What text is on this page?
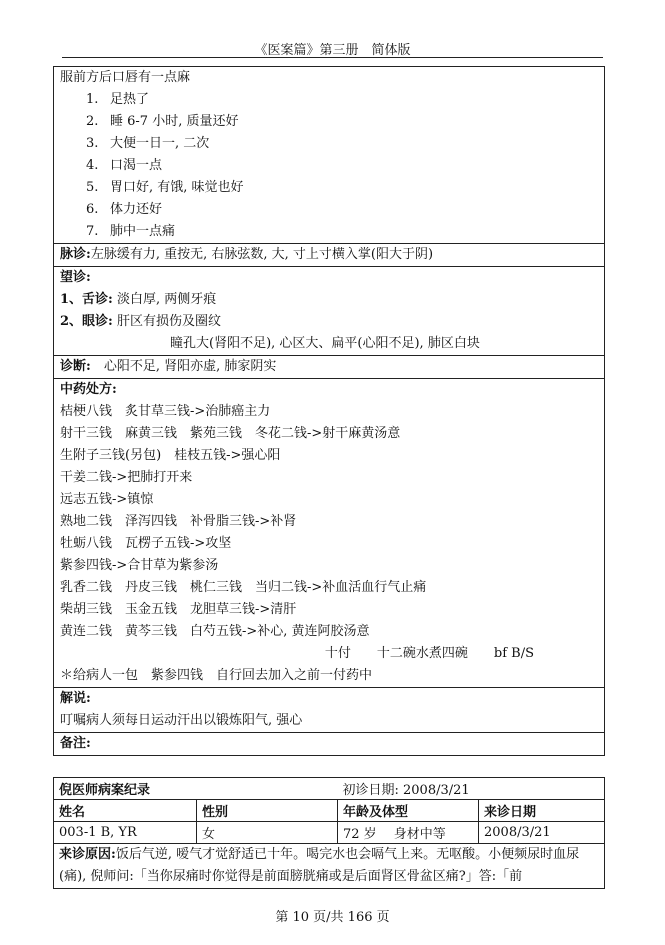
《医案篇》第三册　简体版
服前方后口唇有一点麻
1. 足热了
2. 睡 6-7 小时, 质量还好
3. 大便一日一, 二次
4. 口渴一点
5. 胃口好, 有饿, 味觉也好
6. 体力还好
7. 肺中一点痛
脉诊:左脉缓有力, 重按无, 右脉弦数, 大, 寸上寸横入掌(阳大于阴)
望诊:
1、舌诊: 淡白厚, 两侧牙痕
2、眼诊: 肝区有损伤及圈纹
瞳孔大(肾阳不足), 心区大、扁平(心阳不足), 肺区白块
诊断:　 心阳不足, 肾阳亦虚, 肺家阴实
中药处方:
桔梗八钱　炙甘草三钱->治肺癌主力
射干三钱　麻黄三钱　紫苑三钱　冬花二钱->射干麻黄汤意
生附子三钱(另包)　桂枝五钱->强心阳
干姜二钱->把肺打开来
远志五钱->镇惊
熟地二钱　泽泻四钱　补骨脂三钱->补肾
牡蛎八钱　瓦楞子五钱->攻坚
紫参四钱->合甘草为紫参汤
乳香二钱　丹皮三钱　桃仁三钱　当归二钱->补血活血行气止痛
柴胡三钱　玉金五钱　龙胆草三钱->清肝
黄连二钱　黄芩三钱　白芍五钱->补心, 黄连阿胶汤意
十付　　十二碗水煮四碗　　bf B/S
＊给病人一包　紫参四钱　自行回去加入之前一付药中
解说:
叮嘱病人须每日运动汗出以锻炼阳气, 强心
备注:
倪医师病案纪录		初诊日期: 2008/3/21	
姓名	性别	年龄及体型	来诊日期
003-1 B, YR	女	72 岁　 身材中等	2008/3/21
来诊原因:饭后气逆, 嗳气才觉舒适已十年。喝完水也会嗝气上来。无呕酸。小便频尿时血尿(痛), 倪师问:「当你尿痛时你觉得是前面膀胱痛或是后面肾区骨盆区痛?」答:「前			
第 10 页/共 166 页
